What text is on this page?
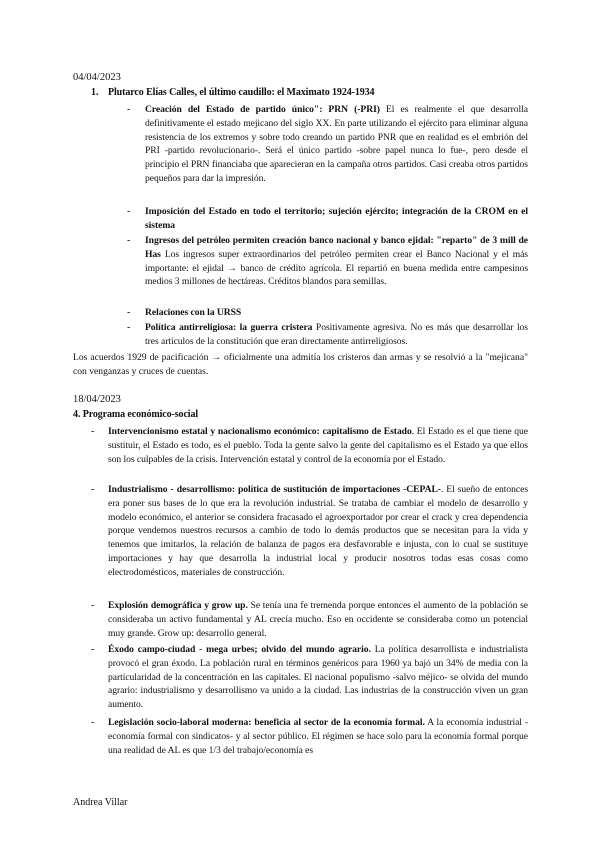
04/04/2023
1. Plutarco Elías Calles, el último caudillo: el Maximato 1924-1934
- Creación del Estado de partido único": PRN (-PRI) El es realmente el que desarrolla definitivamente el estado mejicano del siglo XX. En parte utilizando el ejército para eliminar alguna resistencia de los extremos y sobre todo creando un partido PNR que en realidad es el embrión del PRI -partido revolucionario-. Será el único partido -sobre papel nunca lo fue-, pero desde el principio el PRN financiaba que aparecieran en la campaña otros partidos. Casi creaba otros partidos pequeños para dar la impresión.
- Imposición del Estado en todo el territorio; sujeción ejército; integración de la CROM en el sistema
- Ingresos del petróleo permiten creación banco nacional y banco ejidal: "reparto" de 3 mill de Has Los ingresos super extraordinarios del petróleo permiten crear el Banco Nacional y el más importante: el ejidal → banco de crédito agrícola. El repartió en buena medida entre campesinos medios 3 millones de hectáreas. Créditos blandos para semillas.
- Relaciones con la URSS
- Política antirreligiosa: la guerra cristera Positivamente agresiva. No es más que desarrollar los tres artículos de la constitución que eran directamente antirreligiosos.
Los acuerdos 1929 de pacificación → oficialmente una admitía los cristeros dan armas y se resolvió a la "mejicana" con venganzas y cruces de cuentas.
18/04/2023
4. Programa económico-social
- Intervencionismo estatal y nacionalismo económico: capitalismo de Estado. El Estado es el que tiene que sustituir, el Estado es todo, es el pueblo. Toda la gente salvo la gente del capitalismo es el Estado ya que ellos son los culpables de la crisis. Intervención estatal y control de la economía por el Estado.
- Industrialismo - desarrollismo: política de sustitución de importaciones -CEPAL-. El sueño de entonces era poner sus bases de lo que era la revolución industrial. Se trataba de cambiar el modelo de desarrollo y modelo económico, el anterior se considera fracasado el agroexportador por crear el crack y crea dependencia porque vendemos nuestros recursos a cambio de todo lo demás productos que se necesitan para la vida y tenemos que imitarlos, la relación de balanza de pagos era desfavorable e injusta, con lo cual se sustituye importaciones y hay que desarrolla la industrial local y producir nosotros todas esas cosas como electrodomésticos, materiales de construcción.
- Explosión demográfica y grow up. Se tenía una fe tremenda porque entonces el aumento de la población se consideraba un activo fundamental y AL crecía mucho. Eso en occidente se consideraba como un potencial muy grande. Grow up: desarrollo general.
- Éxodo campo-ciudad - mega urbes; olvido del mundo agrario. La política desarrollista e industrialista provocó el gran éxodo. La población rural en términos genéricos para 1960 ya bajó un 34% de media con la particularidad de la concentración en las capitales. El nacional populismo -salvo méjico- se olvida del mundo agrario: industrialismo y desarrollismo va unido a la ciudad. Las industrias de la construcción viven un gran aumento.
- Legislación socio-laboral moderna: beneficia al sector de la economía formal. A la economía industrial -economía formal con sindicatos- y al sector público. El régimen se hace solo para la economía formal porque una realidad de AL es que 1/3 del trabajo/economía es
Andrea Villar
